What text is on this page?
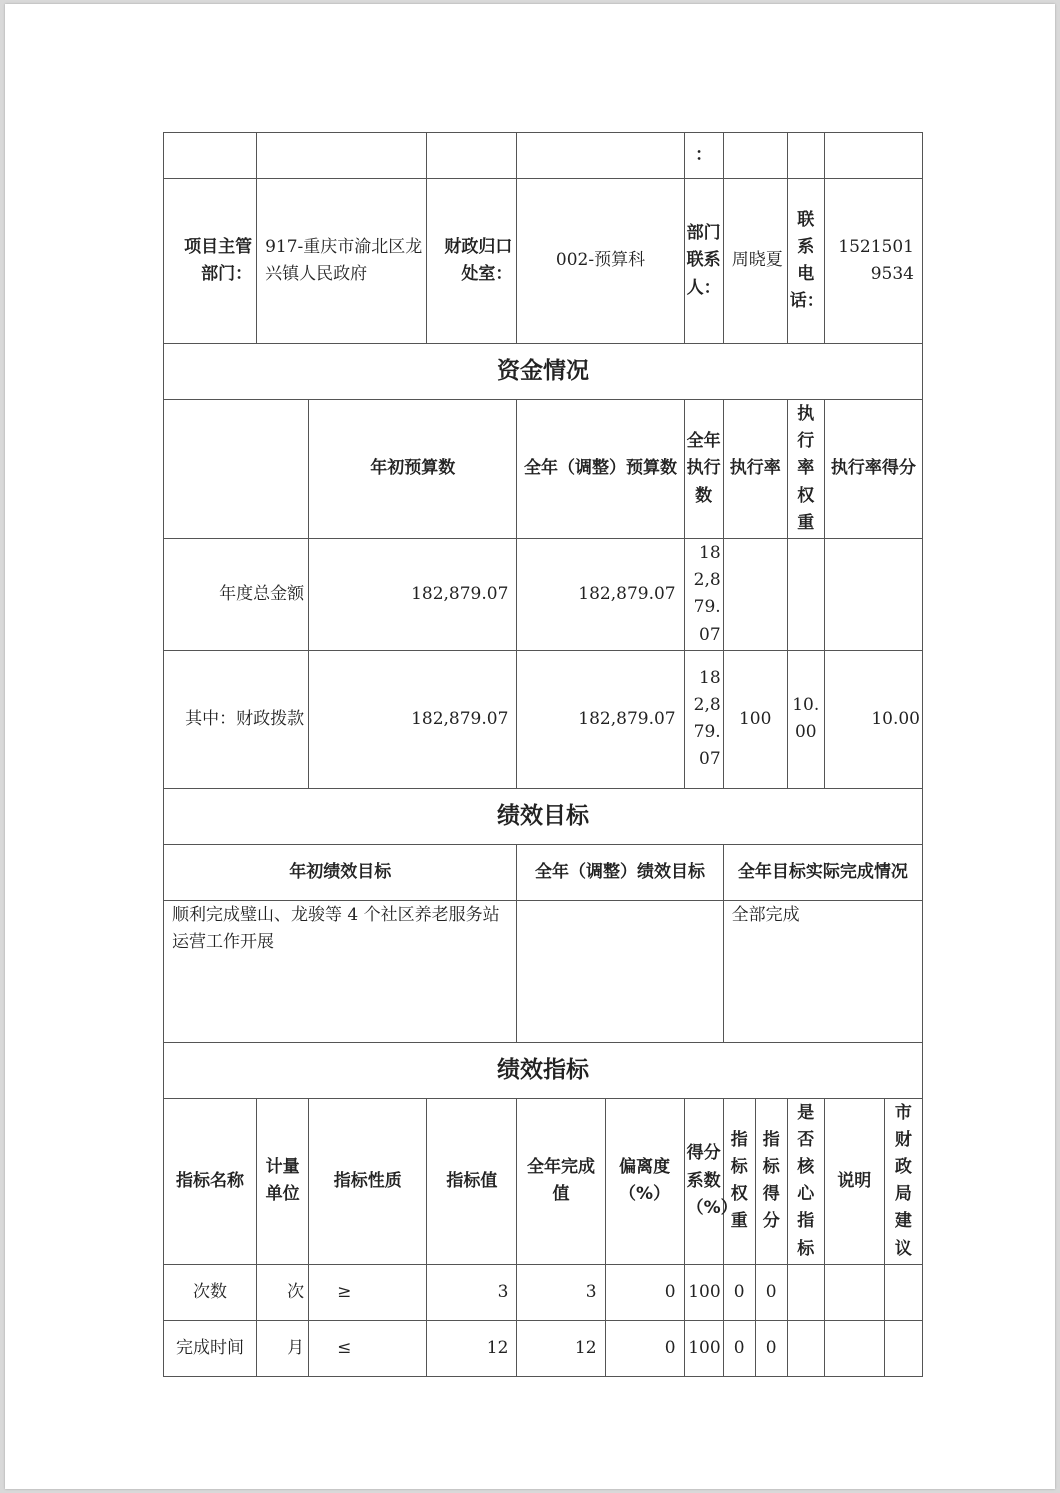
						：					
项目主管部门：	917-重庆市渝北区龙兴镇人民政府		财政归口处室：	002-预算科		部门联系人：	周晓夏		联系电话：	15215019534	
资金情况											
		年初预算数		全年（调整）预算数		全年执行数	执行率		执行率权重	执行率得分	
年度总金额		182,879.07		182,879.07		182,879.07					
其中：财政拨款		182,879.07		182,879.07		182,879.07	100		10.00	10.00	
绩效目标											
年初绩效目标				全年（调整）绩效目标			全年目标实际完成情况				
顺利完成璧山、龙骏等 4 个社区养老服务站运营工作开展							全部完成				
绩效指标											
指标名称	计量单位	指标性质	指标值	全年完成值	偏离度（%）	得分系数（%）	指标权重	指标得分	是否核心指标	说明	市财政局建议
次数	次	≥	3	3	0	100	0	0			
完成时间	月	≤	12	12	0	100	0	0			
